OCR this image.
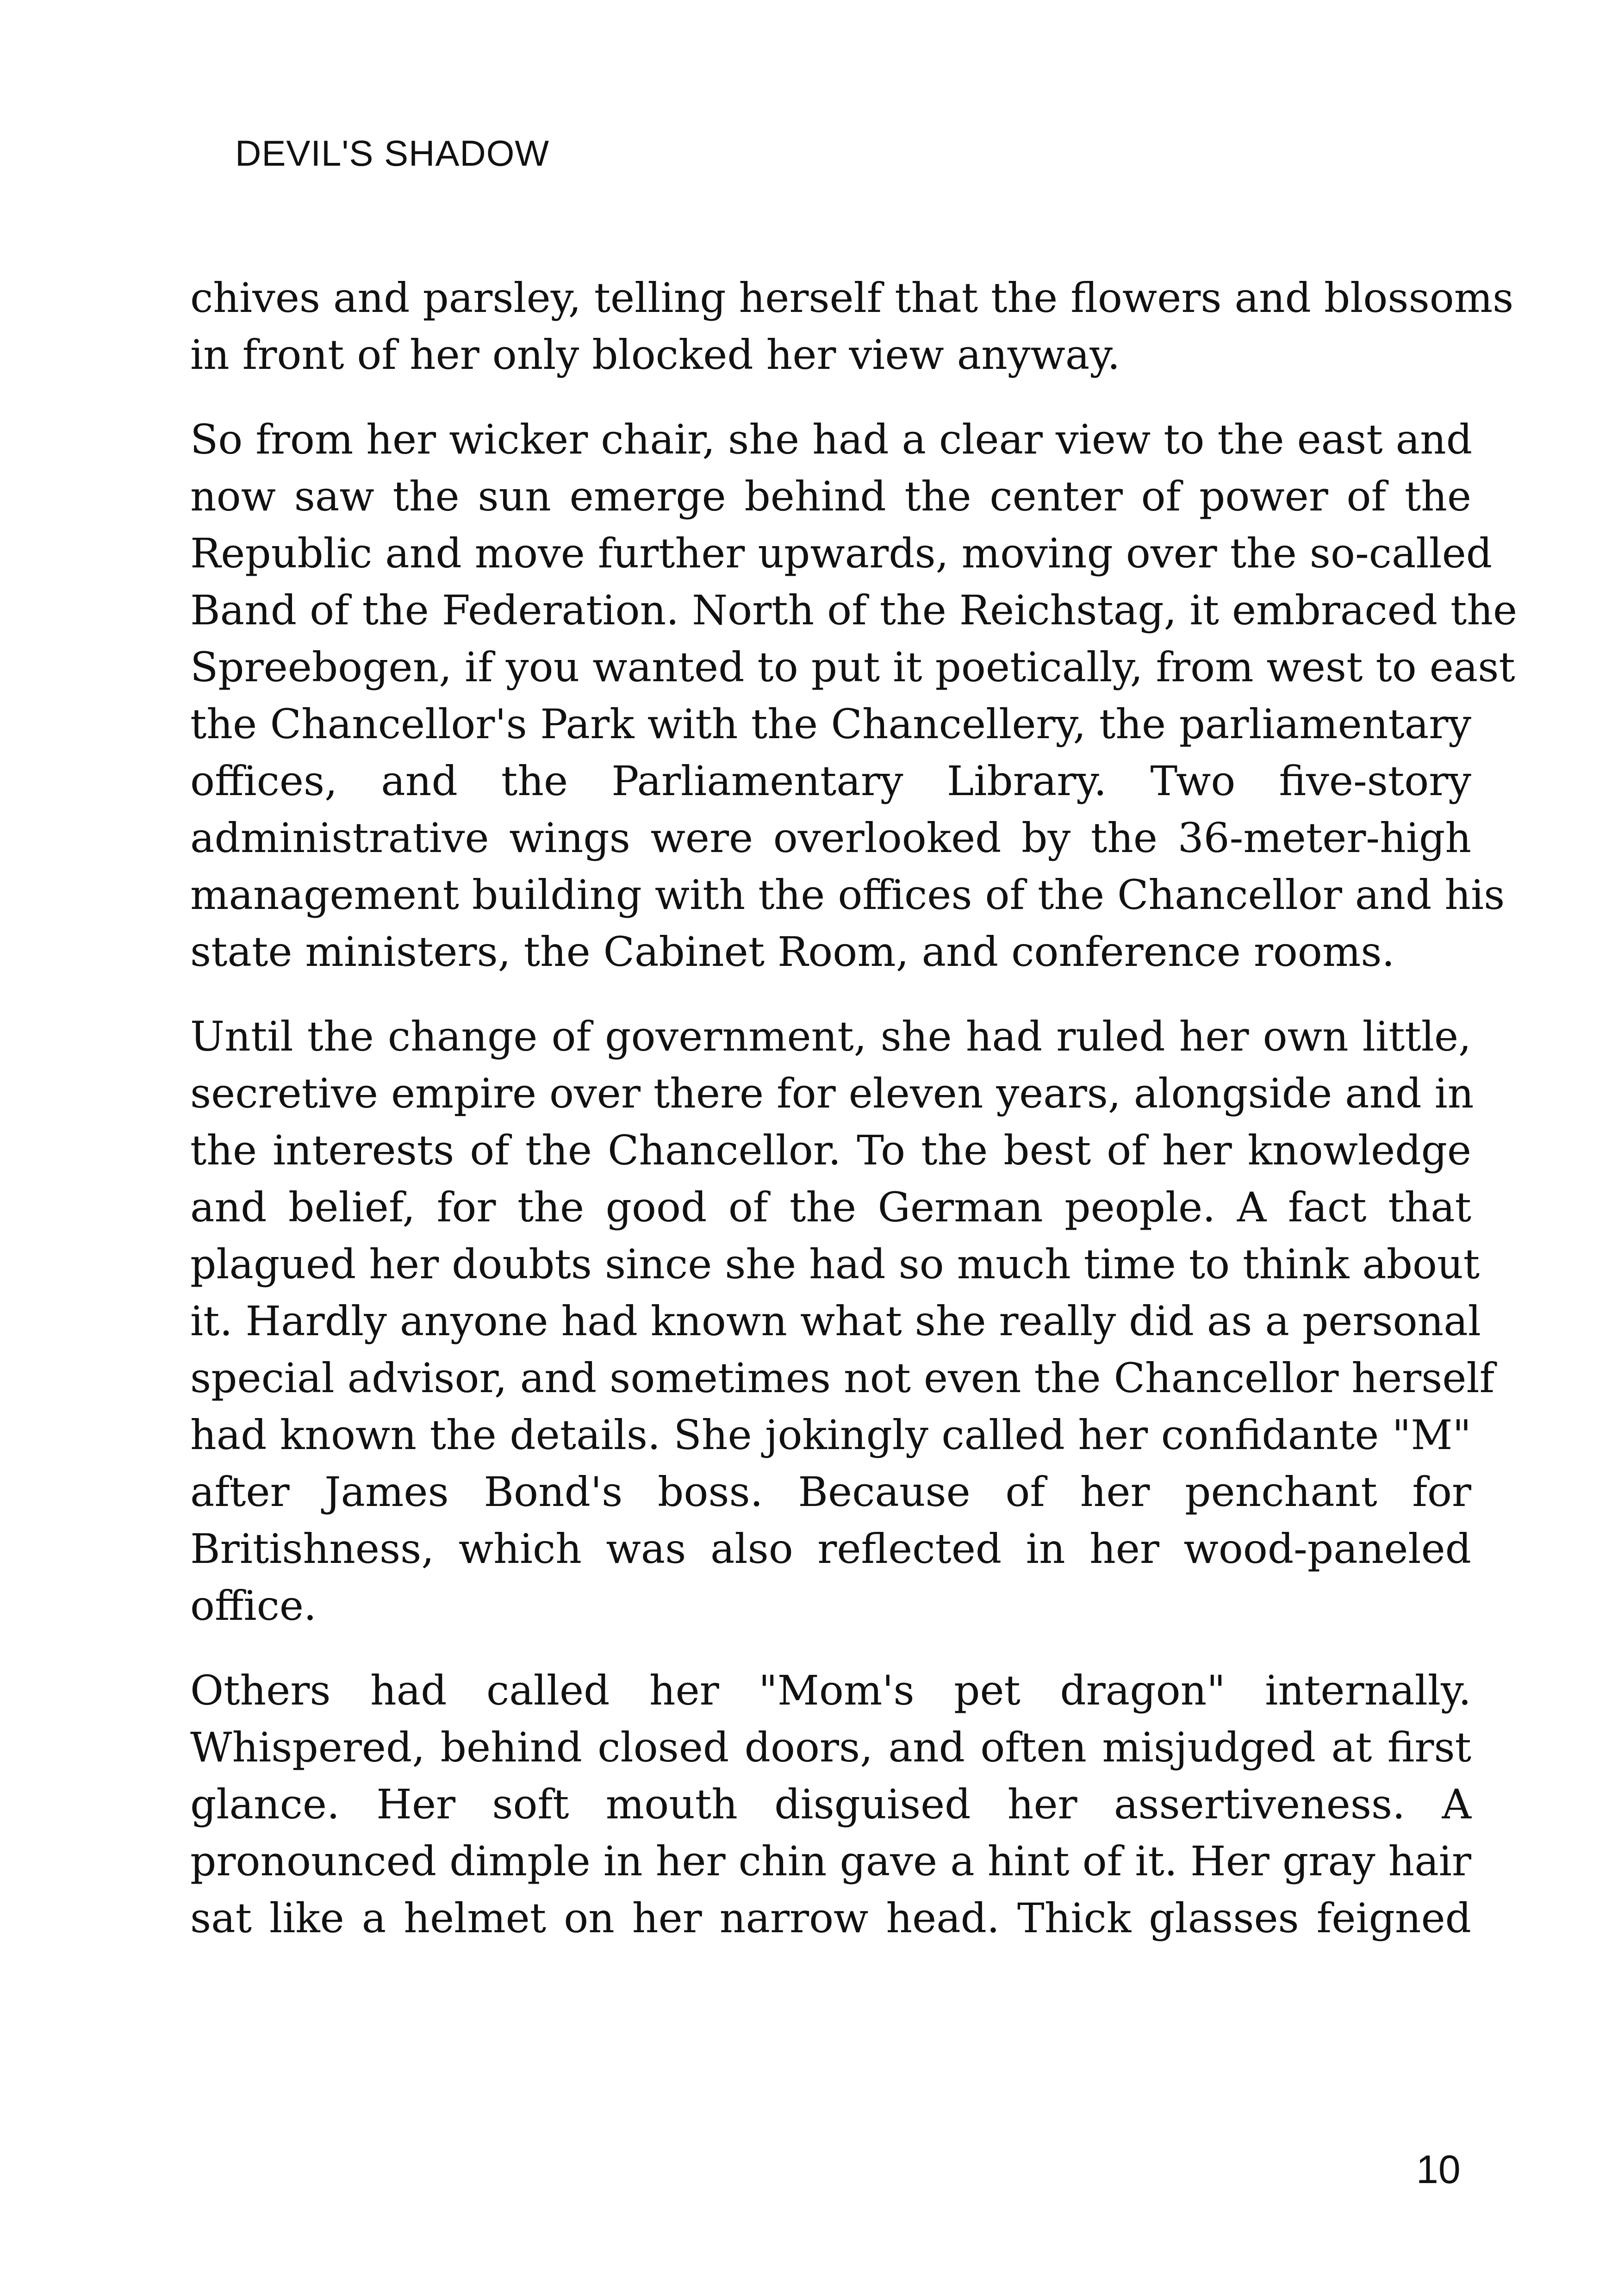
DEVIL'S SHADOW

chives and parsley, telling herself that the flowers and blossoms
in front of her only blocked her view anyway.

So from her wicker chair, she had a clear view to the east and
now saw the sun emerge behind the center of power of the
Republic and move further upwards, moving over the so-called
Band of the Federation. North of the Reichstag, it embraced the
Spreebogen, if you wanted to put it poetically, from west to east
the Chancellor's Park with the Chancellery, the parliamentary
offices, and the Parliamentary Library. Two five-story
administrative wings were overlooked by the 36-meter-high
management building with the offices of the Chancellor and his
state ministers, the Cabinet Room, and conference rooms.

Until the change of government, she had ruled her own little,
secretive empire over there for eleven years, alongside and in
the interests of the Chancellor. To the best of her knowledge
and belief, for the good of the German people. A fact that
plagued her doubts since she had so much time to think about
it. Hardly anyone had known what she really did as a personal
special advisor, and sometimes not even the Chancellor herself
had known the details. She jokingly called her confidante "M"
after James Bond's boss. Because of her penchant for
Britishness, which was also reflected in her wood-paneled
office.

Others had called her "Mom's pet dragon" internally.
Whispered, behind closed doors, and often misjudged at first
glance. Her soft mouth disguised her assertiveness. A
pronounced dimple in her chin gave a hint of it. Her gray hair
sat like a helmet on her narrow head. Thick glasses feigned

10
